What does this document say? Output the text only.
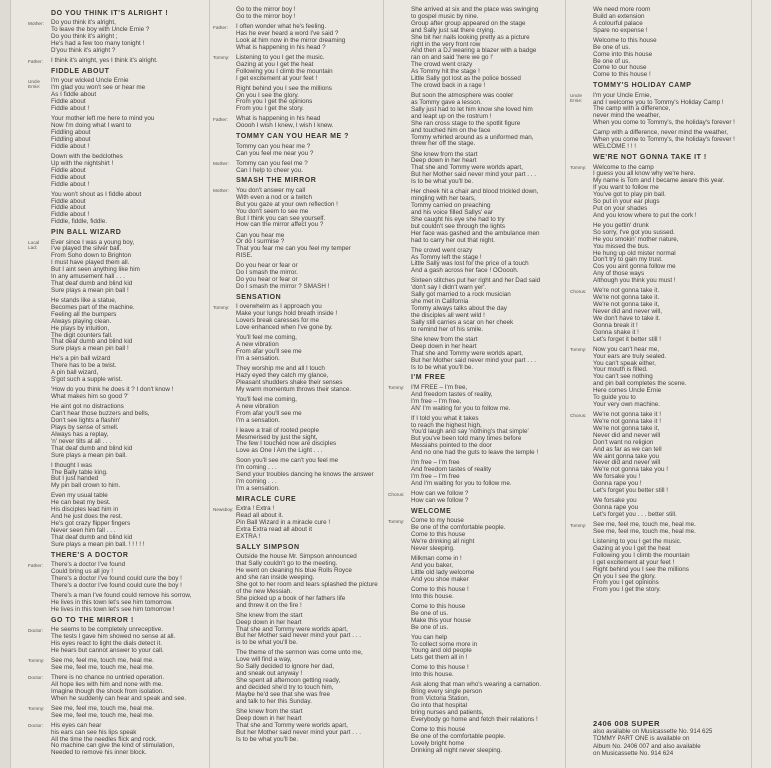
DO YOU THINK IT'S ALRIGHT !
Mother:	Do you think it's alright,
To leave the boy with Uncle Ernie ?
Do you think it's alright ;
He's had a few too many tonight !
D'you think it's alright ?
Father:	I think it's alright, yes I think it's alright.
FIDDLE ABOUT
Uncle Ernie:
I'm your wicked Uncle Ernie
I'm glad you won't see or hear me
As I fiddle about
Fiddle about
Fiddle about !
Your mother left me here to mind you
Now I'm doing what I want to
Fiddling about
Fiddling about
Fiddle about !
Down with the bedclothes
Up with the nightshirt !
Fiddle about
Fiddle about
Fiddle about !
You won't shout as I fiddle about
Fiddle about
Fiddle about
Fiddle about !
Fiddle, fiddle, fiddle.
PIN BALL WIZARD
Local Lad:
Ever since I was a young boy,
I've played the silver ball.
From Soho down to Brighton
I must have played them all.
But I aint seen anything like him
In any amusement hall . . .
That deaf dumb and blind kid
Sure plays a mean pin ball !
He stands like a statue,
Becomes part of the machine.
Feeling all the bumpers
Always playing clean.
He plays by intuition,
The digit counters fall.
That deaf dumb and blind kid
Sure plays a mean pin ball !
He's a pin ball wizard
There has to be a twist.
A pin ball wizard,
S'got such a supple wrist.
'How do you think he does it ? I don't know !
What makes him so good ?'
He aint got no distractions
Can't hear those buzzers and bells,
Don't see lights a flashin'
Plays by sense of smell.
Always has a replay,
'n' never tilts at all . . .
That deaf dumb and blind kid
Sure plays a mean pin ball.
I thought I was
The Bally table king.
But I just handed
My pin ball crown to him.
Even my usual table
He can beat my best.
His disciples lead him in
And he just does the rest.
He's got crazy flipper fingers
Never seen him fall . . .
That deaf dumb and blind kid
Sure plays a mean pin ball. ! ! ! ! !
THERE'S A DOCTOR
Father:	There's a doctor I've found
Could bring us all joy !
There's a doctor I've found could cure the boy !
There's a doctor I've found could cure the boy !
There's a man I've found could remove his sorrow,
He lives in this town let's see him tomorrow.
He lives in this town let's see him tomorrow !
GO TO THE MIRROR !
Doctor:	He seems to be completely unreceptive.
The tests I gave him showed no sense at all.
His eyes react to light the dials detect it.
He hears but cannot answer to your call.
Tommy:	See me, feel me, touch me, heal me.
See me, feel me, touch me, heal me.
Doctor:	There is no chance no untried operation.
All hope lies with him and none with me.
Imagine though the shock from isolation.
When he suddenly can hear and speak and see.
Tommy:	See me, feel me, touch me, heal me.
See me, feel me, touch me, heal me.
Doctor:	His eyes can hear
his ears can see his lips speak
All the time the needles flick and rock.
No machine can give the kind of stimulation,
Needed to remove his inner block.
Go to the mirror boy !
Go to the mirror boy !
Father:	I often wonder what he's feeling.
Has he ever heard a word I've said ?
Look at him now in the mirror dreaming
What is happening in his head ?
Tommy:	Listening to you I get the music.
Gazing at you I get the heat
Following you I climb the mountain
I get excitement at your feet !
Right behind you I see the millions
On you I see the glory.
From you I get the opinions
From you I get the story.
Father:	What is happening in his head
Ooooh I wish I knew, I wish I knew.
TOMMY CAN YOU HEAR ME ?
Tommy can you hear me ?
Can you feel me near you ?
Mother:	Tommy can you feel me ?
Can I help to cheer you.
SMASH THE MIRROR
Mother:	You don't answer my call
With even a nod or a twitch
But you gaze at your own reflection !
You don't seem to see me
But I think you can see yourself.
How can the mirror affect you ?
Can you hear me
Or do I surmise ?
That you fear me can you feel my temper
RISE.
Do you hear or fear or
Do I smash the mirror.
Do you hear or fear or
Do I smash the mirror ? SMASH !
SENSATION
Tommy:	I overwhelm as I approach you
Make your lungs hold breath inside !
Lovers break caresses for me
Love enhanced when I've gone by.
You'll feel me coming,
A new vibration
From afar you'll see me
I'm a sensation.
They worship me and all I touch
Hazy eyed they catch my glance,
Pleasant shudders shake their senses
My warm momentum throws their stance.
You'll feel me coming,
A new vibration
From afar you'll see me
I'm a sensation.
I leave a trail of rooted people
Mesmerised by just the sight,
The few I touched now are disciples
Love as One I Am the Light . . .
Soon you'll see me can't you feel me
I'm coming . . .
Send your troubles dancing he knows the answer
I'm coming . . .
I'm a sensation.
MIRACLE CURE
Newsboy: Extra ! Extra !
Read all about it.
Pin Ball Wizard in a miracle cure !
Extra Extra read all about it
EXTRA !
SALLY SIMPSON
Outside the house Mr. Simpson announced
that Sally couldn't go to the meeting.
He went on cleaning his blue Rolls Royce
and she ran inside weeping.
She got to her room and tears splashed the picture
of the new Messiah.
She picked up a book of her fathers life
and threw it on the fire !
She knew from the start
Deep down in her heart
That she and Tommy were worlds apart,
But her Mother said never mind your part . . .
is to be what you'll be.
The theme of the sermon was come unto me,
Love will find a way,
So Sally decided to ignore her dad,
and sneak out anyway !
She spent all afternoon getting ready,
and decided she'd try to touch him,
Maybe he'd see that she was free
and talk to her this Sunday.
She knew from the start
Deep down in her heart
That she and Tommy were worlds apart,
But her Mother said never mind your part . . .
Is to be what you'll be.
She arrived at six and the place was swinging
to gospel music by nine.
Group after group appeared on the stage
and Sally just sat there crying.
She bit her nails looking pretty as a picture
right in the very front row
And then a DJ wearing a blazer with a badge
ran on and said 'here we go !'
The crowd went crazy
As Tommy hit the stage !
Little Sally got lost as the police bossed
The crowd back in a rage !
But soon the atmosphere was cooler
as Tommy gave a lesson.
Sally just had to let him know she loved him
and leapt up on the rostrum !
She ran cross stage to the spotlit figure
and touched him on the face
Tommy whirled around as a uniformed man,
threw her off the stage.
She knew from the start
Deep down in her heart
That she and Tommy were worlds apart,
But her Mother said never mind your part . . .
Is to be what you'll be.
Her cheek hit a chair and blood trickled down,
mingling with her tears,
Tommy carried on preaching
and his voice filled Sallys' ear
She caught his eye she had to try
but couldn't see through the lights
Her face was gashed and the ambulance men
had to carry her out that night.
The crowd went crazy
As Tommy left the stage !
Little Sally was lost for the price of a touch
And a gash across her face ! OOoooh.
Sixteen stitches put her right and her Dad said
'don't say I didn't warn yer'.
Sally got married to a rock musician
she met in California
Tommy always talks about the day
the disciples all went wild !
Sally still carries a scar on her cheek
to remind her of his smile.
She knew from the start
Deep down in her heart
That she and Tommy were worlds apart,
But her Mother said never mind your part . . .
Is to be what you'll be.
I'M FREE
Tommy:	I'M FREE – I'm free,
And freedom tastes of reality,
I'm free – I'm free,
AN' I'm waiting for you to follow me.
If I told you what it takes
to reach the highest high,
You'd laugh and say 'nothing's that simple'
But you've been told many times before
Messiahs pointed to the door
And no one had the guts to leave the temple !
I'm free – I'm free
And freedom tastes of reality
I'm free – I'm free
And I'm waiting for you to follow me.
Chorus:	How can we follow ?
How can we follow ?
WELCOME
Tommy:	Come to my house
Be one of the comfortable people.
Come to this house
We're drinking all night
Never sleeping.
Milkman come in !
And you baker,
Little old lady welcome
And you shoe maker
Come to this house !
Into this house.
Come to this house
Be one of us.
Make this your house
Be one of us.
You can help
To collect some more in
Young and old people
Lets get them all in !
Come to this house !
Into this house.
Ask along that man who's wearing a carnation.
Bring every single person
from Victoria Station,
Go into that hospital
bring nurses and patients,
Everybody go home and fetch their relations !
Come to this house
Be one of the comfortable people.
Lovely bright home
Drinking all night never sleeping.
We need more room
Build an extension
A colourful palace
Spare no expense !
Welcome to this house
Be one of us.
Come into this house
Be one of us.
Come to our house
Come to this house !
TOMMY'S HOLIDAY CAMP
Uncle Ernie:
I'm your Uncle Ernie,
and I welcome you to Tommy's Holiday Camp !
The camp with a difference,
never mind the weather,
When you come to Tommy's, the holiday's forever !
Camp with a difference, never mind the weather,
When you come to Tommy's, the holiday's forever !
WELCOME ! ! !
WE'RE NOT GONNA TAKE IT !
Tommy:	Welcome to the camp
I guess you all know why we're here.
My name is Tom and I became aware this year.
If you want to follow me
You've got to play pin ball.
So put in your ear plugs
Put on your shades
And you know where to put the cork !
He you gettin' drunk
So sorry, I've got you sussed.
He you smokin' mother nature,
You missed the bus.
He hung up old mister normal
Don't try to gain my trust.
Cos you aint gonna follow me
Any of those ways
Although you think you must !
Chorus:	We're not gonna take it.
We're not gonna take it.
We're not gonna take it,
Never did and never will,
We don't have to take it.
Gonna break it !
Gonna shake it !
Let's forget it better still !
Tommy:	Now you can't hear me,
Your ears are truly sealed.
You can't speak either,
Your mouth is filled.
You can't see nothing
and pin ball completes the scene.
Here comes Uncle Ernie
To guide you to
Your very own machine.
Chorus:	We're not gonna take it !
We're not gonna take it !
We're not gonna take it,
Never did and never will
Don't want no religion
And as far as we can tell
We aint gonna take you
Never did and never will
We're not gonna take you !
We forsake you !
Gonna rape you !
Let's forget you better still !
We forsake you
Gonna rape you
Let's forget you . . . better still.
Tommy:	See me, feel me, touch me, heal me.
See me, feel me, touch me, heal me.
Listening to you I get the music.
Gazing at you I get the heat
Following you I climb the mountain
I get excitement at your feet !
Right behind you I see the millions
On you I see the glory.
From you I get opinions
From you I get the story.
2406 008 SUPER
also available on Musicassette No. 914 625
TOMMY PART ONE is available on
Album No. 2406 007 and also available
on Musicassette No. 914 624
